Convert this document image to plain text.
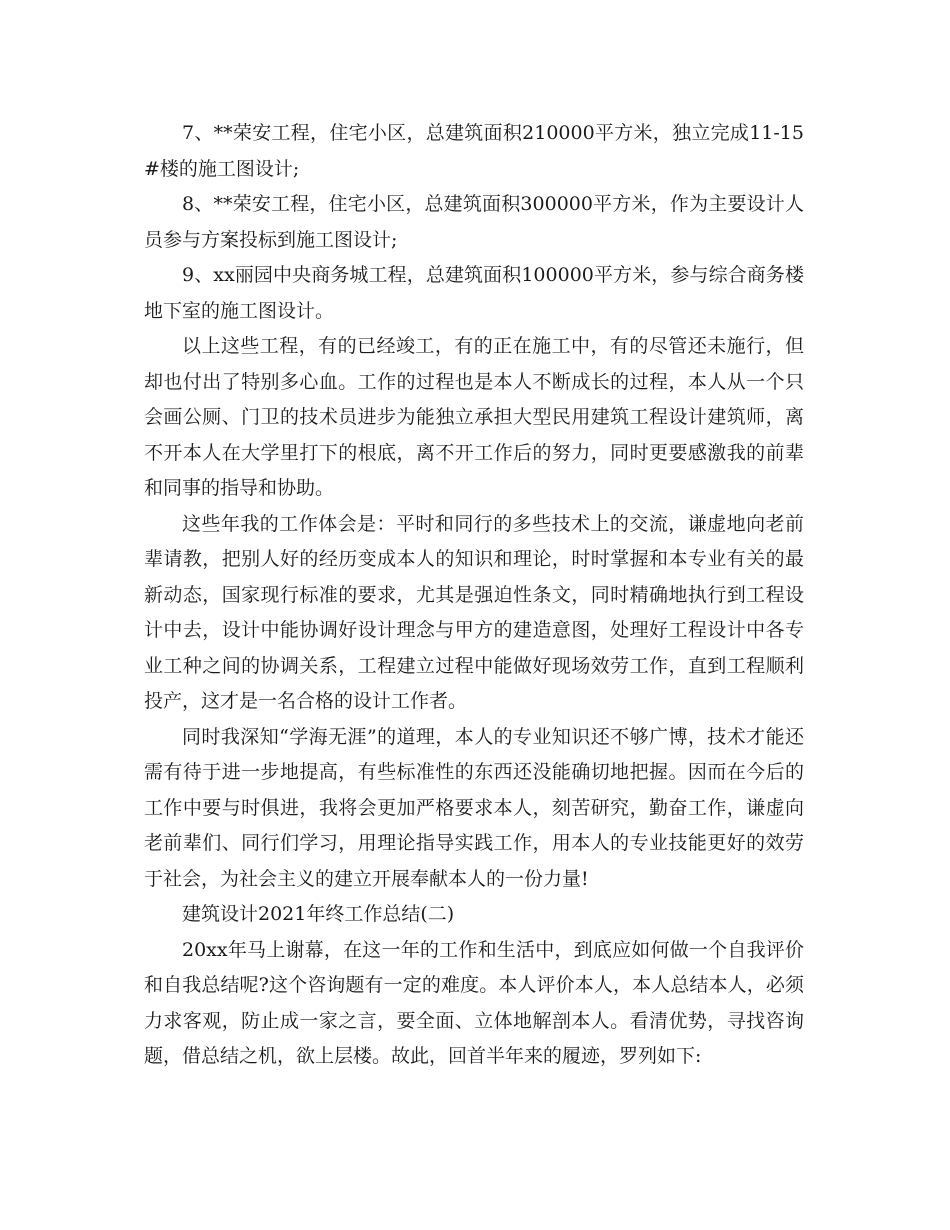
7、**荣安工程，住宅小区，总建筑面积210000平方米，独立完成11-15#楼的施工图设计;

8、**荣安工程，住宅小区，总建筑面积300000平方米，作为主要设计人员参与方案投标到施工图设计;

9、xx丽园中央商务城工程，总建筑面积100000平方米，参与综合商务楼地下室的施工图设计。

以上这些工程，有的已经竣工，有的正在施工中，有的尽管还未施行，但却也付出了特别多心血。工作的过程也是本人不断成长的过程，本人从一个只会画公厕、门卫的技术员进步为能独立承担大型民用建筑工程设计建筑师，离不开本人在大学里打下的根底，离不开工作后的努力，同时更要感激我的前辈和同事的指导和协助。

这些年我的工作体会是：平时和同行的多些技术上的交流，谦虚地向老前辈请教，把别人好的经历变成本人的知识和理论，时时掌握和本专业有关的最新动态，国家现行标准的要求，尤其是强迫性条文，同时精确地执行到工程设计中去，设计中能协调好设计理念与甲方的建造意图，处理好工程设计中各专业工种之间的协调关系，工程建立过程中能做好现场效劳工作，直到工程顺利投产，这才是一名合格的设计工作者。

同时我深知“学海无涯”的道理，本人的专业知识还不够广博，技术才能还需有待于进一步地提高，有些标准性的东西还没能确切地把握。因而在今后的工作中要与时俱进，我将会更加严格要求本人，刻苦研究，勤奋工作，谦虚向老前辈们、同行们学习，用理论指导实践工作，用本人的专业技能更好的效劳于社会，为社会主义的建立开展奉献本人的一份力量!

建筑设计2021年终工作总结(二)

20xx年马上谢幕，在这一年的工作和生活中，到底应如何做一个自我评价和自我总结呢?这个咨询题有一定的难度。本人评价本人，本人总结本人，必须力求客观，防止成一家之言，要全面、立体地解剖本人。看清优势，寻找咨询题，借总结之机，欲上层楼。故此，回首半年来的履迹，罗列如下:
